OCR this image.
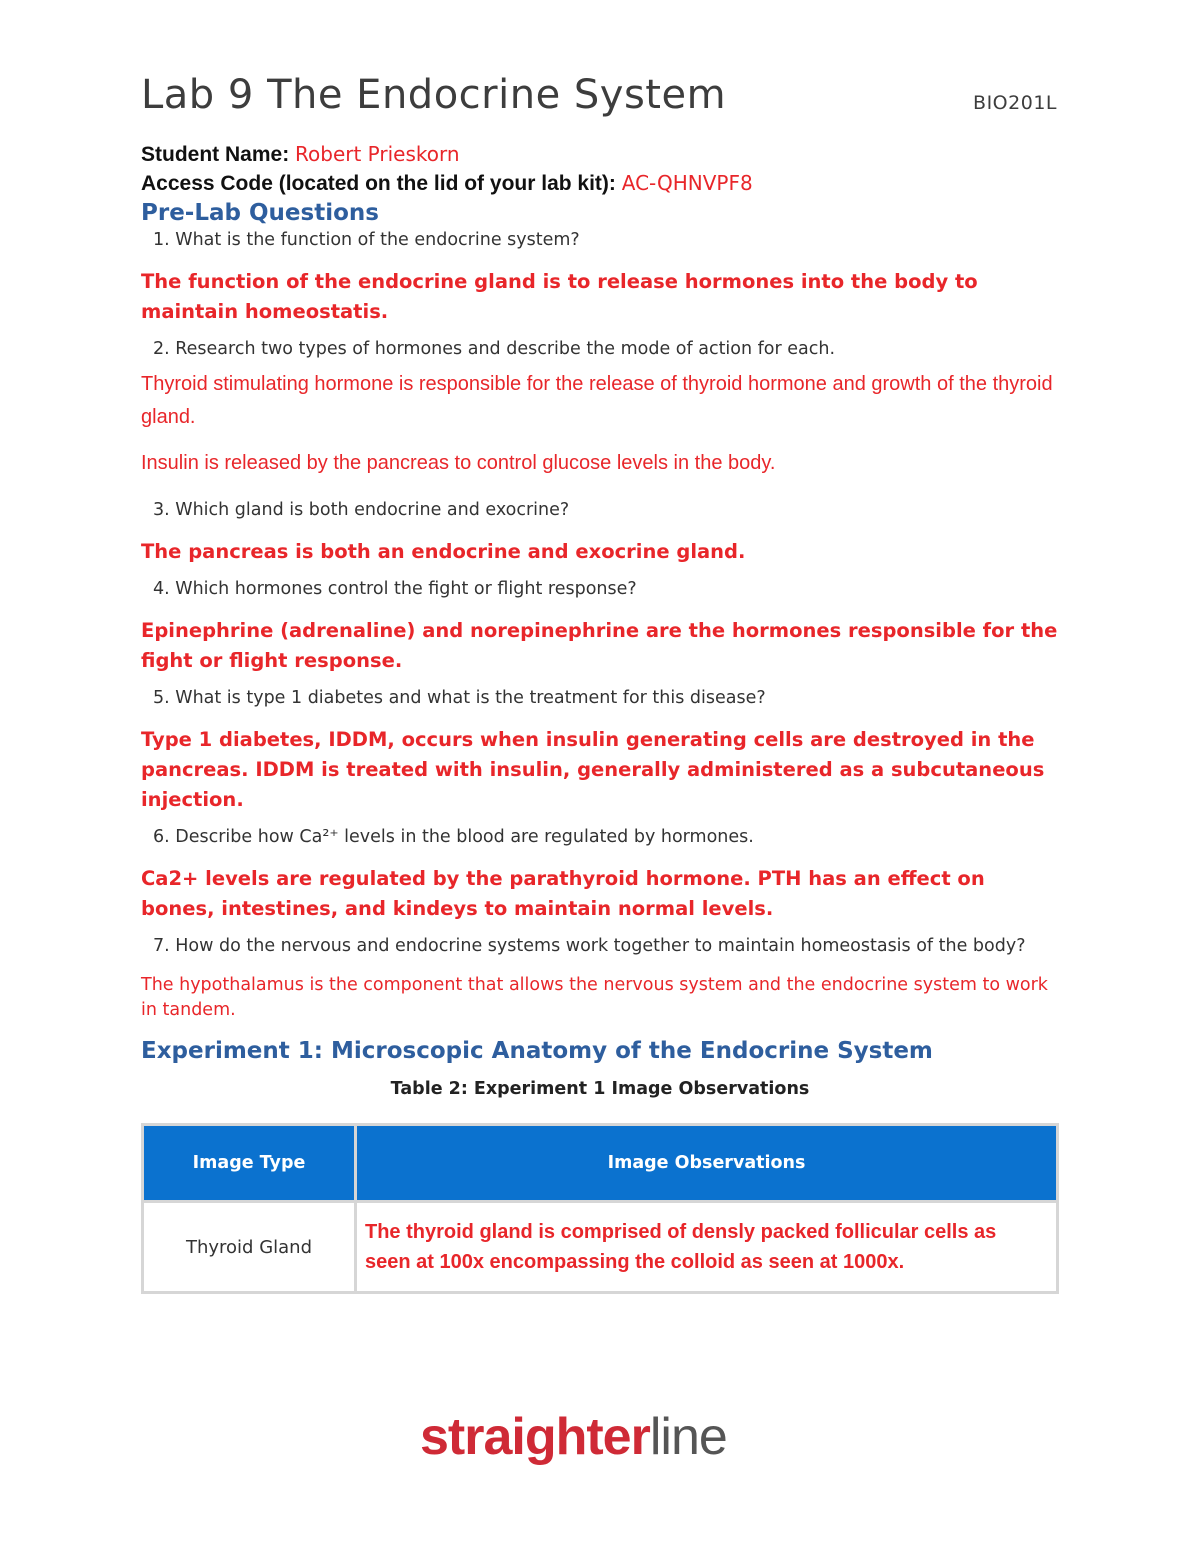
Lab 9 The Endocrine System	BIO201L
Student Name: Robert Prieskorn
Access Code (located on the lid of your lab kit): AC-QHNVPF8
Pre-Lab Questions
1. What is the function of the endocrine system?
The function of the endocrine gland is to release hormones into the body to maintain homeostatis.
2. Research two types of hormones and describe the mode of action for each.
Thyroid stimulating hormone is responsible for the release of thyroid hormone and growth of the thyroid gland.
Insulin is released by the pancreas to control glucose levels in the body.
3. Which gland is both endocrine and exocrine?
The pancreas is both an endocrine and exocrine gland.
4. Which hormones control the fight or flight response?
Epinephrine (adrenaline) and norepinephrine are the hormones responsible for the fight or flight response.
5. What is type 1 diabetes and what is the treatment for this disease?
Type 1 diabetes, IDDM, occurs when insulin generating cells are destroyed in the pancreas. IDDM is treated with insulin, generally administered as a subcutaneous injection.
6. Describe how Ca²⁺ levels in the blood are regulated by hormones.
Ca2+ levels are regulated by the parathyroid hormone. PTH has an effect on bones, intestines, and kindeys to maintain normal levels.
7. How do the nervous and endocrine systems work together to maintain homeostasis of the body?
The hypothalamus is the component that allows the nervous system and the endocrine system to work in tandem.
Experiment 1: Microscopic Anatomy of the Endocrine System
Table 2: Experiment 1 Image Observations
Image Type	Image Observations
Thyroid Gland	The thyroid gland is comprised of densly packed follicular cells as seen at 100x encompassing the colloid as seen at 1000x.
straighterline
